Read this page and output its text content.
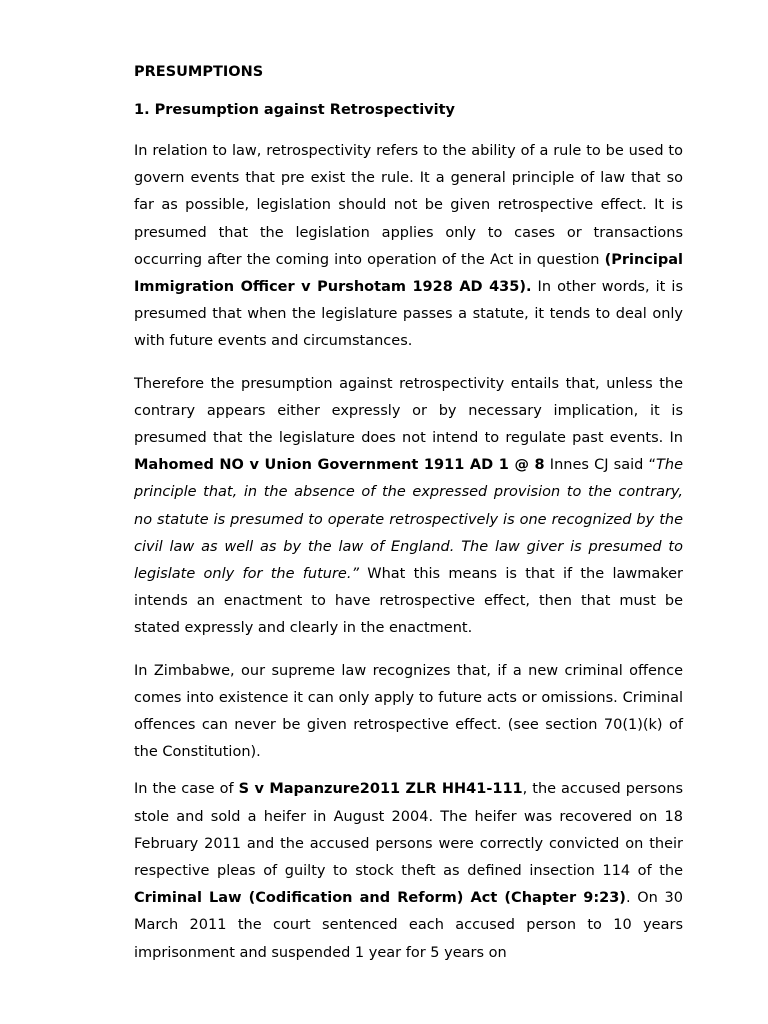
PRESUMPTIONS
1. Presumption against Retrospectivity

In relation to law, retrospectivity refers to the ability of a rule to be used to govern events that pre exist the rule. It a general principle of law that so far as possible, legislation should not be given retrospective effect. It is presumed that the legislation applies only to cases or transactions occurring after the coming into operation of the Act in question (Principal Immigration Officer v Purshotam 1928 AD 435). In other words, it is presumed that when the legislature passes a statute, it tends to deal only with future events and circumstances.

Therefore the presumption against retrospectivity entails that, unless the contrary appears either expressly or by necessary implication, it is presumed that the legislature does not intend to regulate past events. In Mahomed NO v Union Government 1911 AD 1 @ 8 Innes CJ said “The principle that, in the absence of the expressed provision to the contrary, no statute is presumed to operate retrospectively is one recognized by the civil law as well as by the law of England. The law giver is presumed to legislate only for the future.” What this means is that if the lawmaker intends an enactment to have retrospective effect, then that must be stated expressly and clearly in the enactment.

In Zimbabwe, our supreme law recognizes that, if a new criminal offence comes into existence it can only apply to future acts or omissions. Criminal offences can never be given retrospective effect. (see section 70(1)(k) of the Constitution).

In the case of S v Mapanzure2011 ZLR HH41-111, the accused persons stole and sold a heifer in August 2004. The heifer was recovered on 18 February 2011 and the accused persons were correctly convicted on their respective pleas of guilty to stock theft as defined insection 114 of the Criminal Law (Codification and Reform) Act (Chapter 9:23). On 30 March 2011 the court sentenced each accused person to 10 years imprisonment and suspended 1 year for 5 years on
